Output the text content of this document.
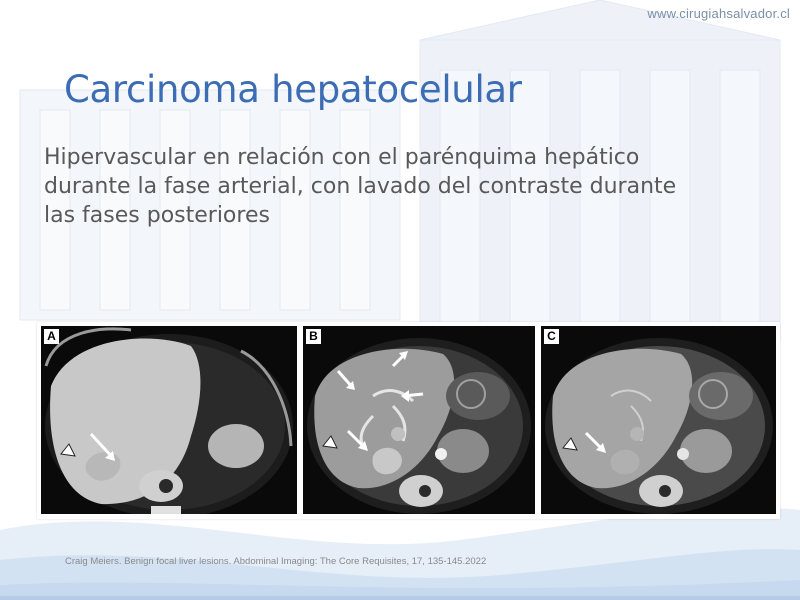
www.cirugiahsalvador.cl
Carcinoma hepatocelular
Hipervascular en relación con el parénquima hepático
durante la fase arterial, con lavado del contraste durante
las fases posteriores
A	B	C
Craig Meiers. Benign focal liver lesions. Abdominal Imaging: The Core Requisites, 17, 135-145.2022
